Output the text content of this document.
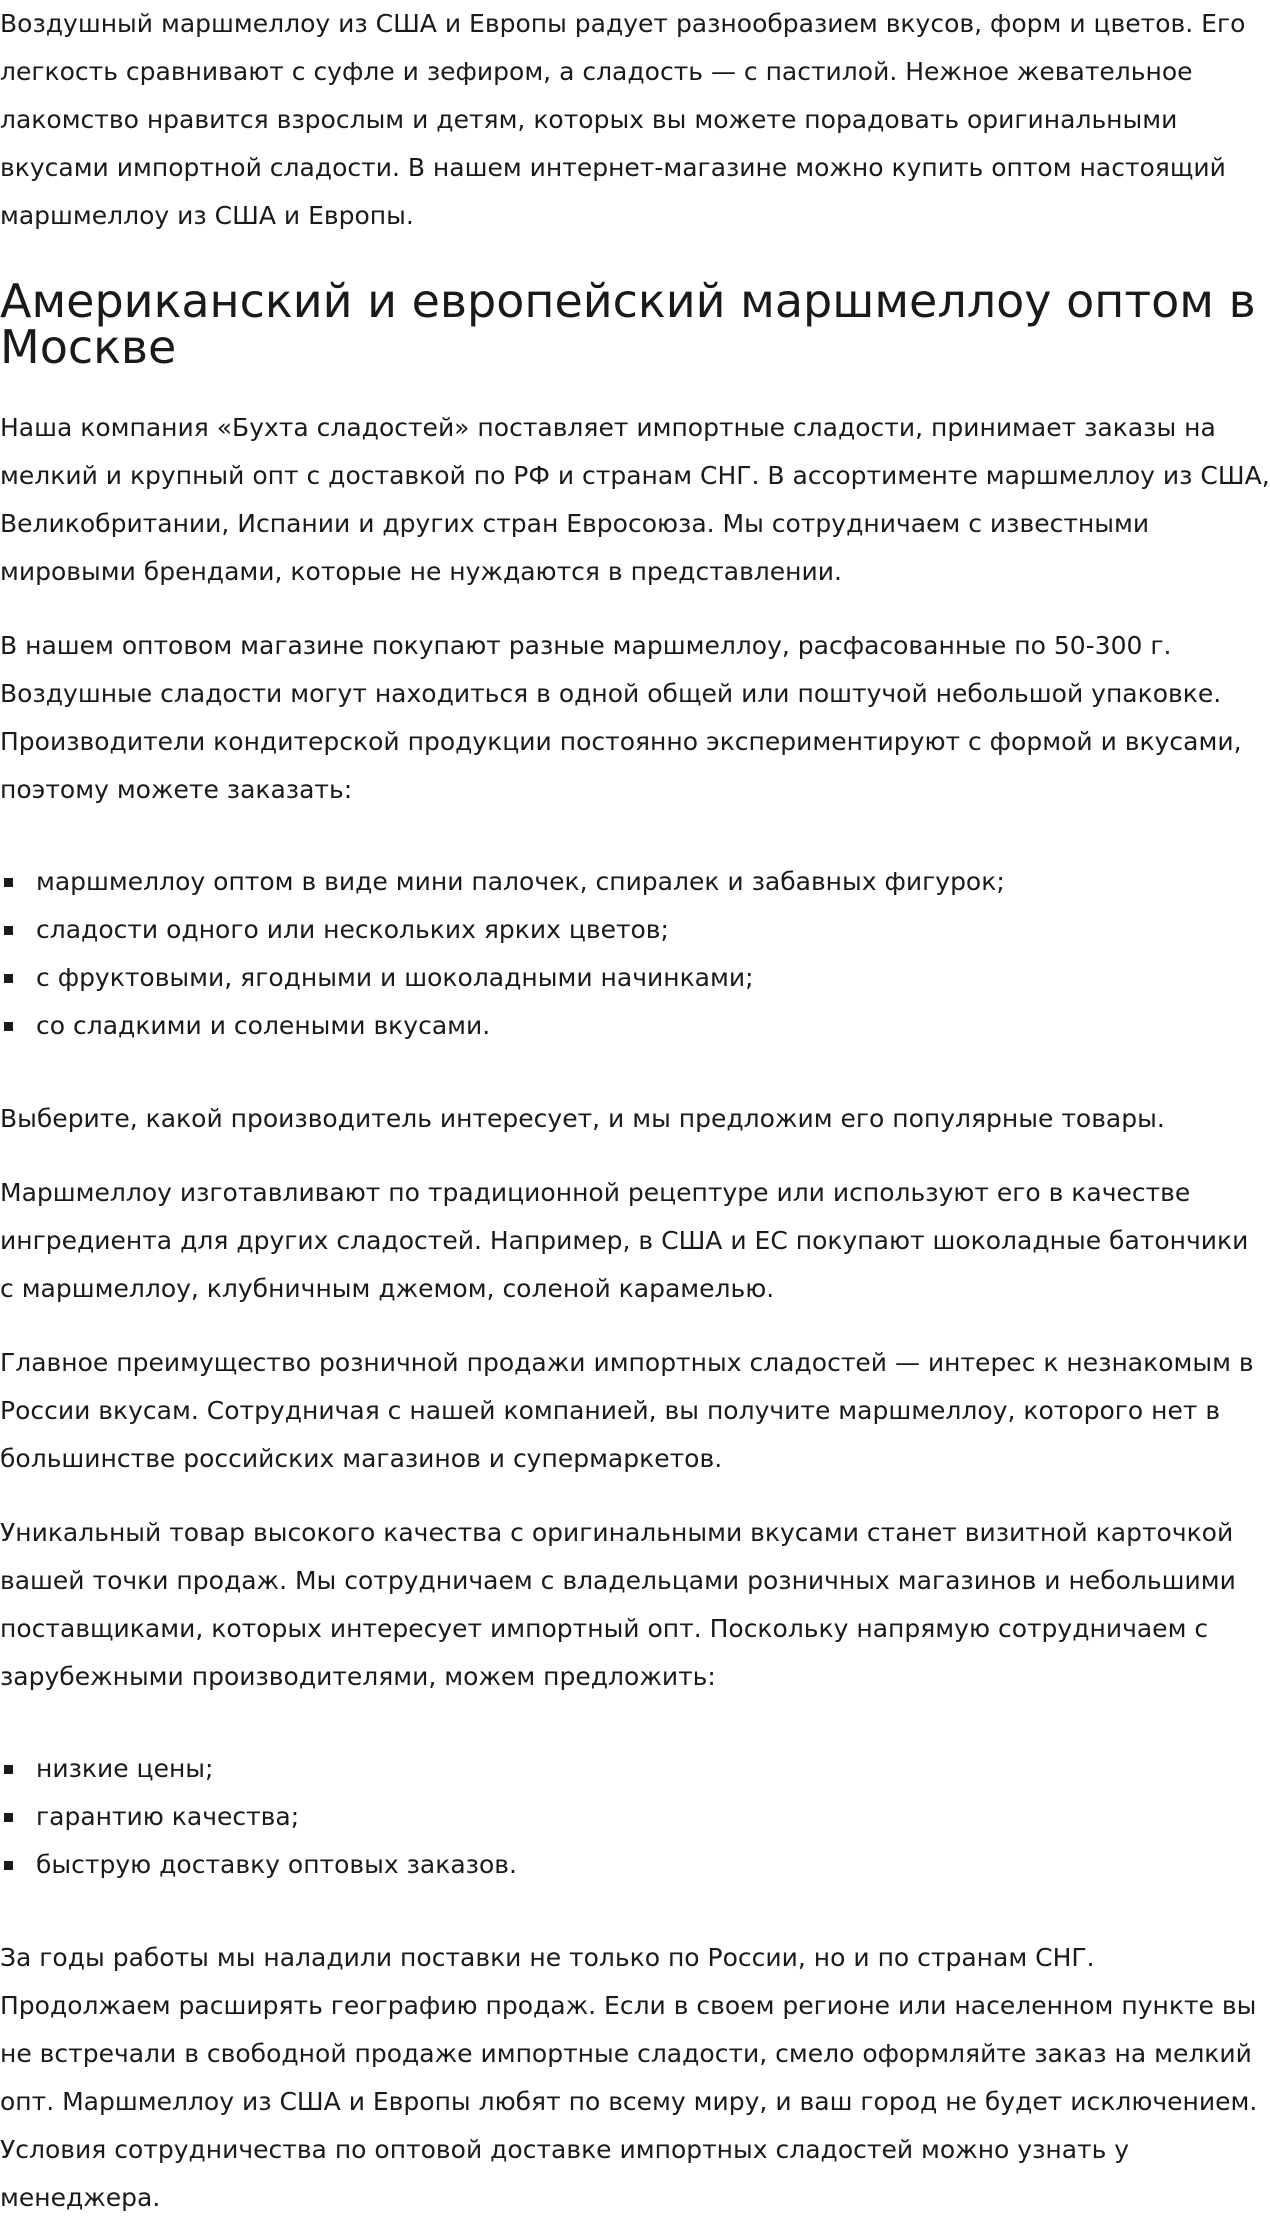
Воздушный маршмеллоу из США и Европы радует разнообразием вкусов, форм и цветов. Его легкость сравнивают с суфле и зефиром, а сладость — с пастилой. Нежное жевательное лакомство нравится взрослым и детям, которых вы можете порадовать оригинальными вкусами импортной сладости. В нашем интернет-магазине можно купить оптом настоящий маршмеллоу из США и Европы.

Американский и европейский маршмеллоу оптом в Москве

Наша компания «Бухта сладостей» поставляет импортные сладости, принимает заказы на мелкий и крупный опт с доставкой по РФ и странам СНГ. В ассортименте маршмеллоу из США, Великобритании, Испании и других стран Евросоюза. Мы сотрудничаем с известными мировыми брендами, которые не нуждаются в представлении.

В нашем оптовом магазине покупают разные маршмеллоу, расфасованные по 50-300 г. Воздушные сладости могут находиться в одной общей или поштучой небольшой упаковке. Производители кондитерской продукции постоянно экспериментируют с формой и вкусами, поэтому можете заказать:

маршмеллоу оптом в виде мини палочек, спиралек и забавных фигурок;
сладости одного или нескольких ярких цветов;
с фруктовыми, ягодными и шоколадными начинками;
со сладкими и солеными вкусами.

Выберите, какой производитель интересует, и мы предложим его популярные товары.

Маршмеллоу изготавливают по традиционной рецептуре или используют его в качестве ингредиента для других сладостей. Например, в США и ЕС покупают шоколадные батончики с маршмеллоу, клубничным джемом, соленой карамелью.

Главное преимущество розничной продажи импортных сладостей — интерес к незнакомым в России вкусам. Сотрудничая с нашей компанией, вы получите маршмеллоу, которого нет в большинстве российских магазинов и супермаркетов.

Уникальный товар высокого качества с оригинальными вкусами станет визитной карточкой вашей точки продаж. Мы сотрудничаем с владельцами розничных магазинов и небольшими поставщиками, которых интересует импортный опт. Поскольку напрямую сотрудничаем с зарубежными производителями, можем предложить:

низкие цены;
гарантию качества;
быструю доставку оптовых заказов.

За годы работы мы наладили поставки не только по России, но и по странам СНГ. Продолжаем расширять географию продаж. Если в своем регионе или населенном пункте вы не встречали в свободной продаже импортные сладости, смело оформляйте заказ на мелкий опт. Маршмеллоу из США и Европы любят по всему миру, и ваш город не будет исключением. Условия сотрудничества по оптовой доставке импортных сладостей можно узнать у менеджера.
